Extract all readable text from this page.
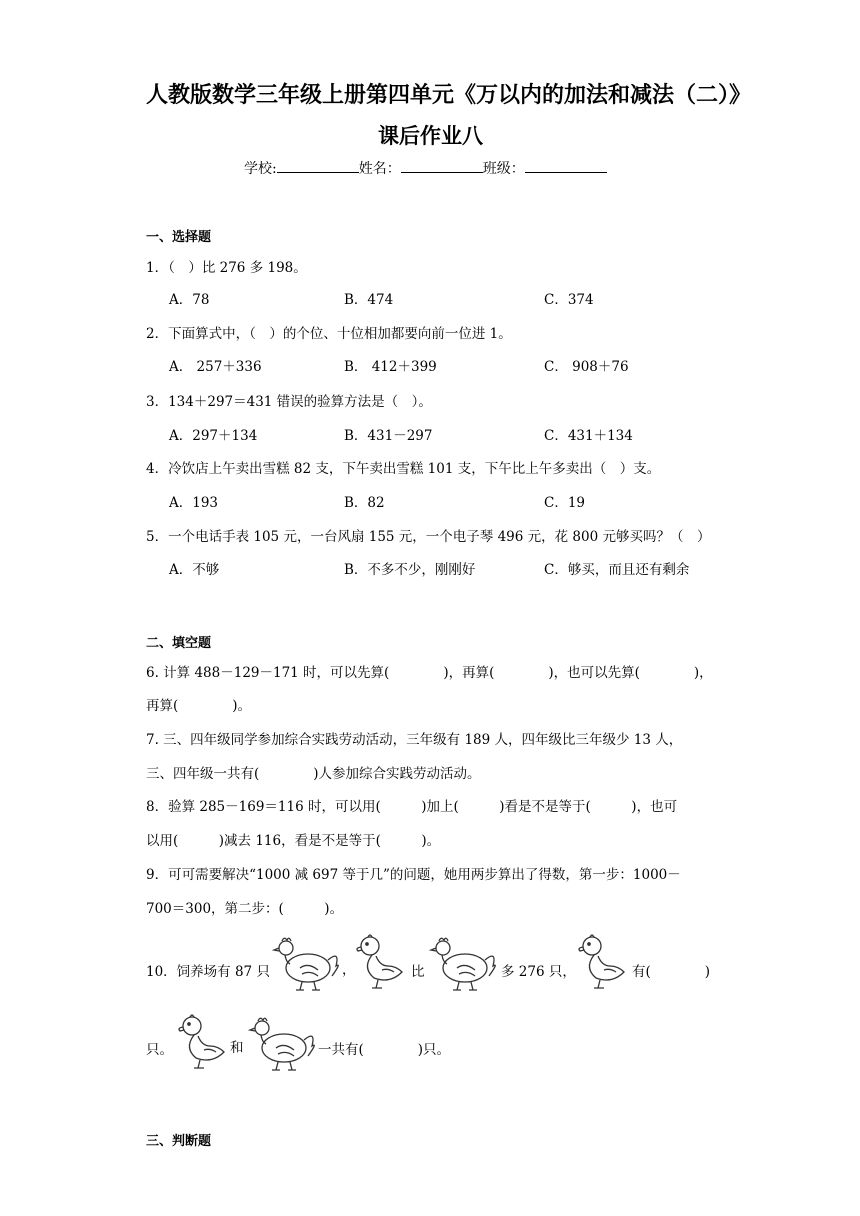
人教版数学三年级上册第四单元《万以内的加法和减法（二）》
课后作业八
学校:	姓名：	班级：
一、选择题
1．（　）比 276 多 198。
A．78	B．474	C．374
2．下面算式中，（　）的个位、十位相加都要向前一位进 1。
A． 257＋336	B． 412＋399	C． 908＋76
3．134＋297＝431 错误的验算方法是（　）。
A．297＋134	B．431－297	C．431＋134
4．冷饮店上午卖出雪糕 82 支，下午卖出雪糕 101 支，下午比上午多卖出（　）支。
A．193	B．82	C．19
5．一个电话手表 105 元，一台风扇 155 元，一个电子琴 496 元，花 800 元够买吗？（　）
A．不够	B．不多不少，刚刚好	C．够买，而且还有剩余
二、填空题
6. 计算 488－129－171 时，可以先算(　　　　)，再算(　　　　)，也可以先算(　　　　)，
再算(　　　　)。
7. 三、四年级同学参加综合实践劳动活动，三年级有 189 人，四年级比三年级少 13 人，
三、四年级一共有(　　　　)人参加综合实践劳动活动。
8．验算 285－169＝116 时，可以用(　　　)加上(　　　)看是不是等于(　　　)，也可
以用(　　　)减去 116，看是不是等于(　　　)。
9．可可需要解决“1000 减 697 等于几”的问题，她用两步算出了得数，第一步：1000－
700＝300，第二步：(　　　)。
10．饲养场有 87 只	，	比	多 276 只，	有(　　　　)
只。	和	一共有(　　　　)只。
三、判断题
